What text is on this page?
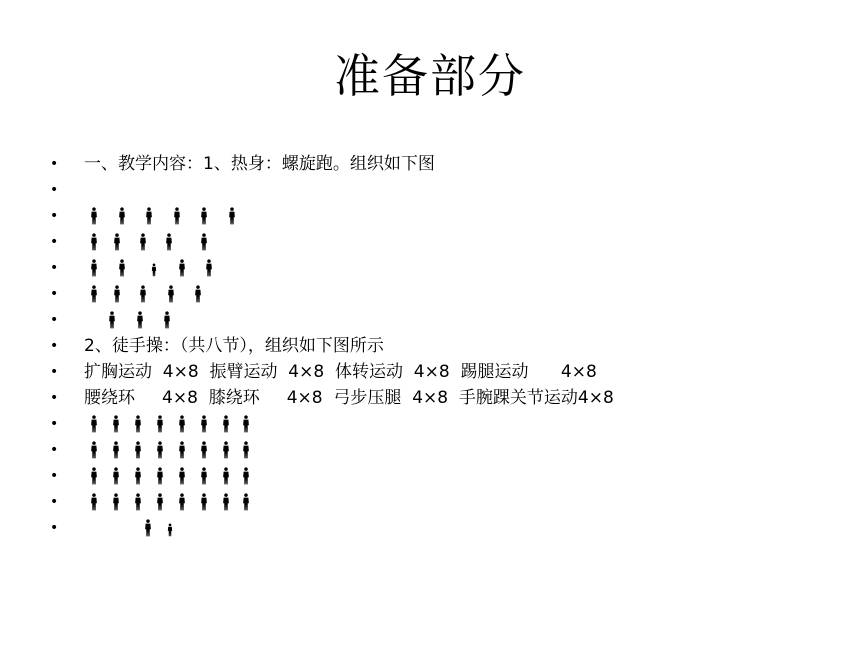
准备部分
• 一、教学内容：1、热身：螺旋跑。组织如下图
•
•
•
•
•
•
• 2、徒手操：（共八节），组织如下图所示
• 扩胸运动  4×8  振臂运动  4×8  体转运动  4×8  踢腿运动      4×8
• 腰绕环     4×8  膝绕环     4×8  弓步压腿  4×8  手腕踝关节运动4×8
•
•
•
•
•
